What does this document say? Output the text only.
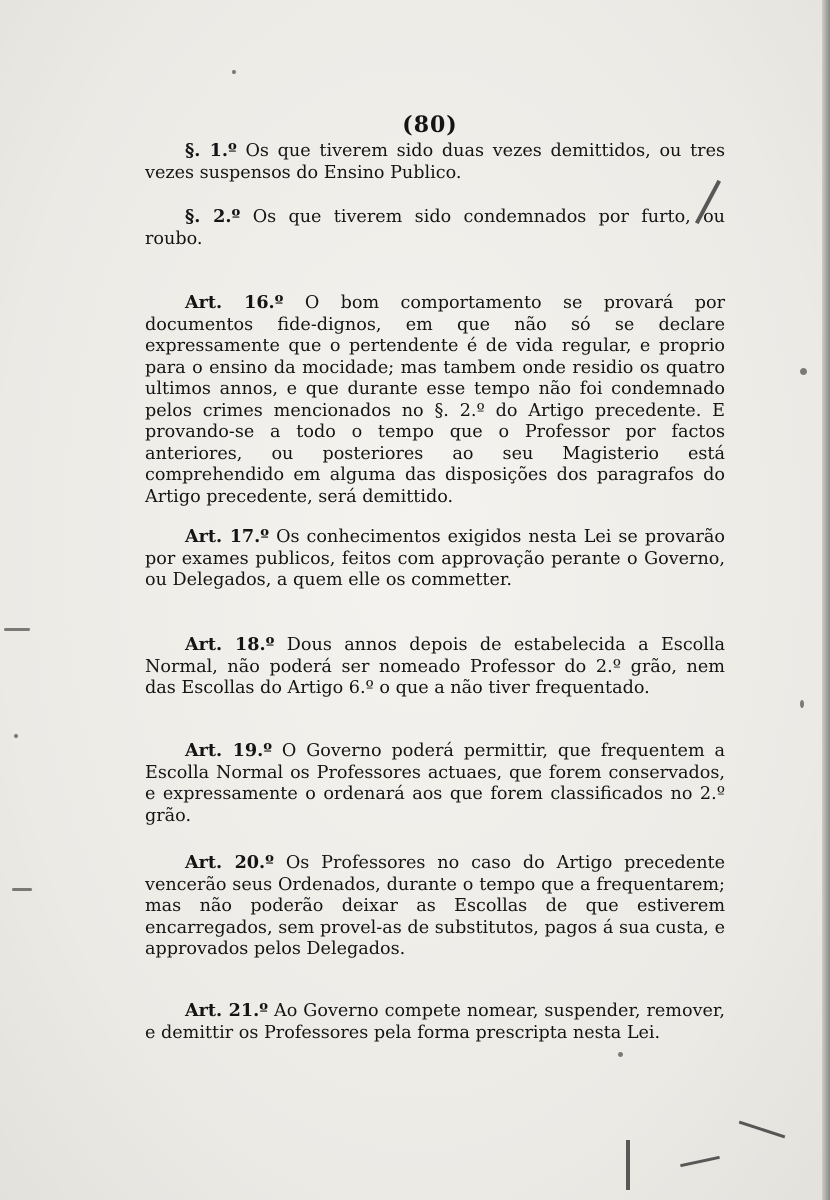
(80)
§. 1.º Os que tiverem sido duas vezes demittidos, ou tres vezes suspensos do Ensino Publico.
§. 2.º Os que tiverem sido condemnados por furto, ou roubo.
Art. 16.º O bom comportamento se provará por documentos fide-dignos, em que não só se declare expressamente que o pertendente é de vida regular, e proprio para o ensino da mocidade; mas tambem onde residio os quatro ultimos annos, e que durante esse tempo não foi condemnado pelos crimes mencionados no §. 2.º do Artigo precedente. E provando-se a todo o tempo que o Professor por factos anteriores, ou posteriores ao seu Magisterio está comprehendido em alguma das disposições dos paragrafos do Artigo precedente, será demittido.
Art. 17.º Os conhecimentos exigidos nesta Lei se provarão por exames publicos, feitos com approvação perante o Governo, ou Delegados, a quem elle os commetter.
Art. 18.º Dous annos depois de estabelecida a Escolla Normal, não poderá ser nomeado Professor do 2.º grão, nem das Escollas do Artigo 6.º o que a não tiver frequentado.
Art. 19.º O Governo poderá permittir, que frequentem a Escolla Normal os Professores actuaes, que forem conservados, e expressamente o ordenará aos que forem classificados no 2.º grão.
Art. 20.º Os Professores no caso do Artigo precedente vencerão seus Ordenados, durante o tempo que a frequentarem; mas não poderão deixar as Escollas de que estiverem encarregados, sem provel-as de substitutos, pagos á sua custa, e approvados pelos Delegados.
Art. 21.º Ao Governo compete nomear, suspender, remover, e demittir os Professores pela forma prescripta nesta Lei.
